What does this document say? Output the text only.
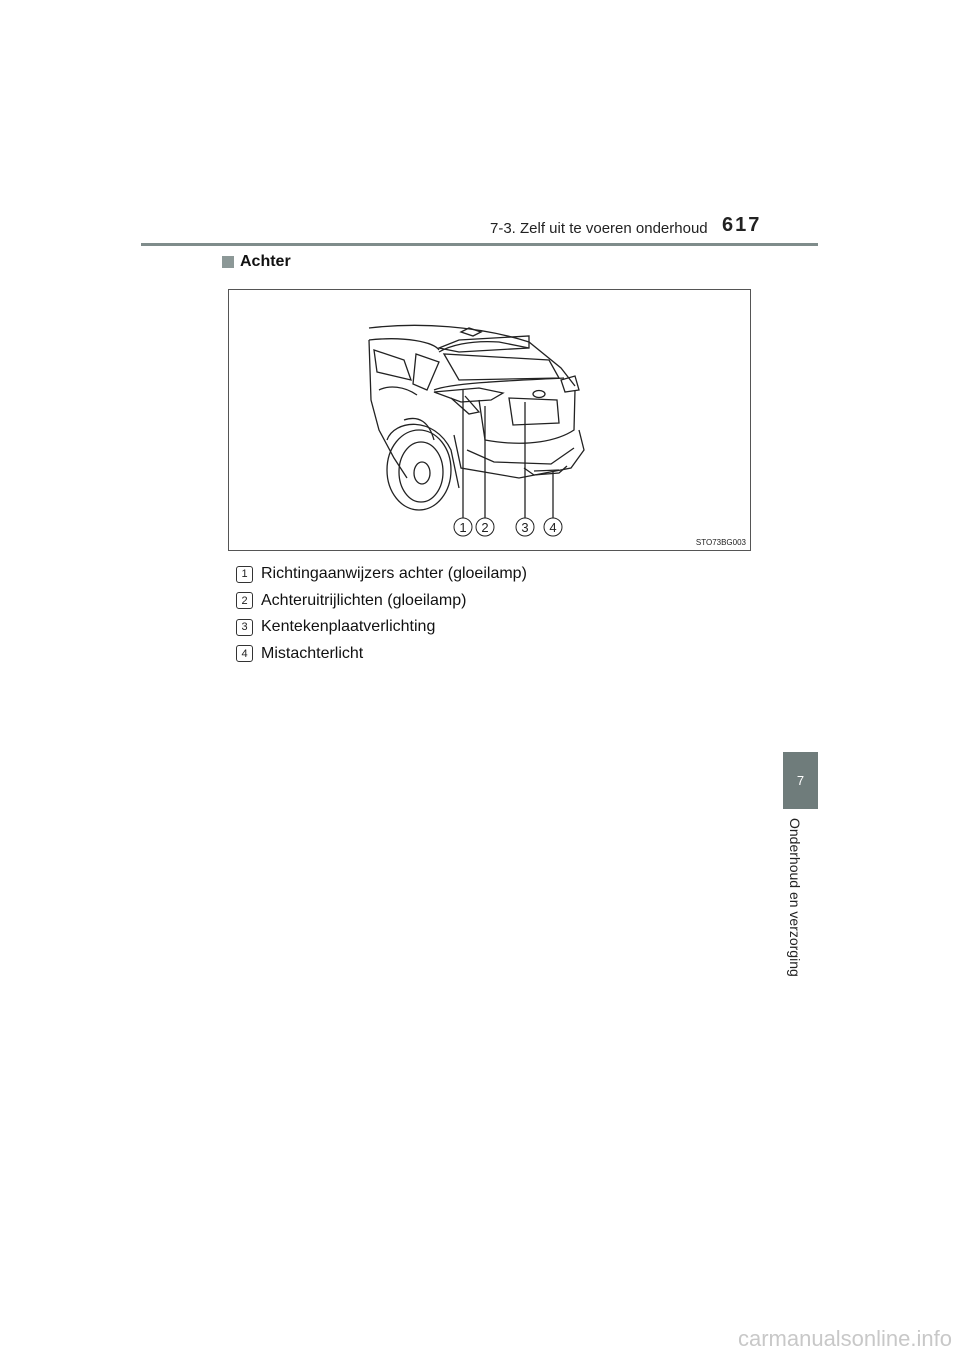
7-3. Zelf uit te voeren onderhoud 617
Achter
1 2	3 4
STO73BG003
1 Richtingaanwijzers achter (gloeilamp)
2 Achteruitrijlichten (gloeilamp)
3 Kentekenplaatverlichting
4 Mistachterlicht
7
Onderhoud en verzorging
carmanualsonline.info
